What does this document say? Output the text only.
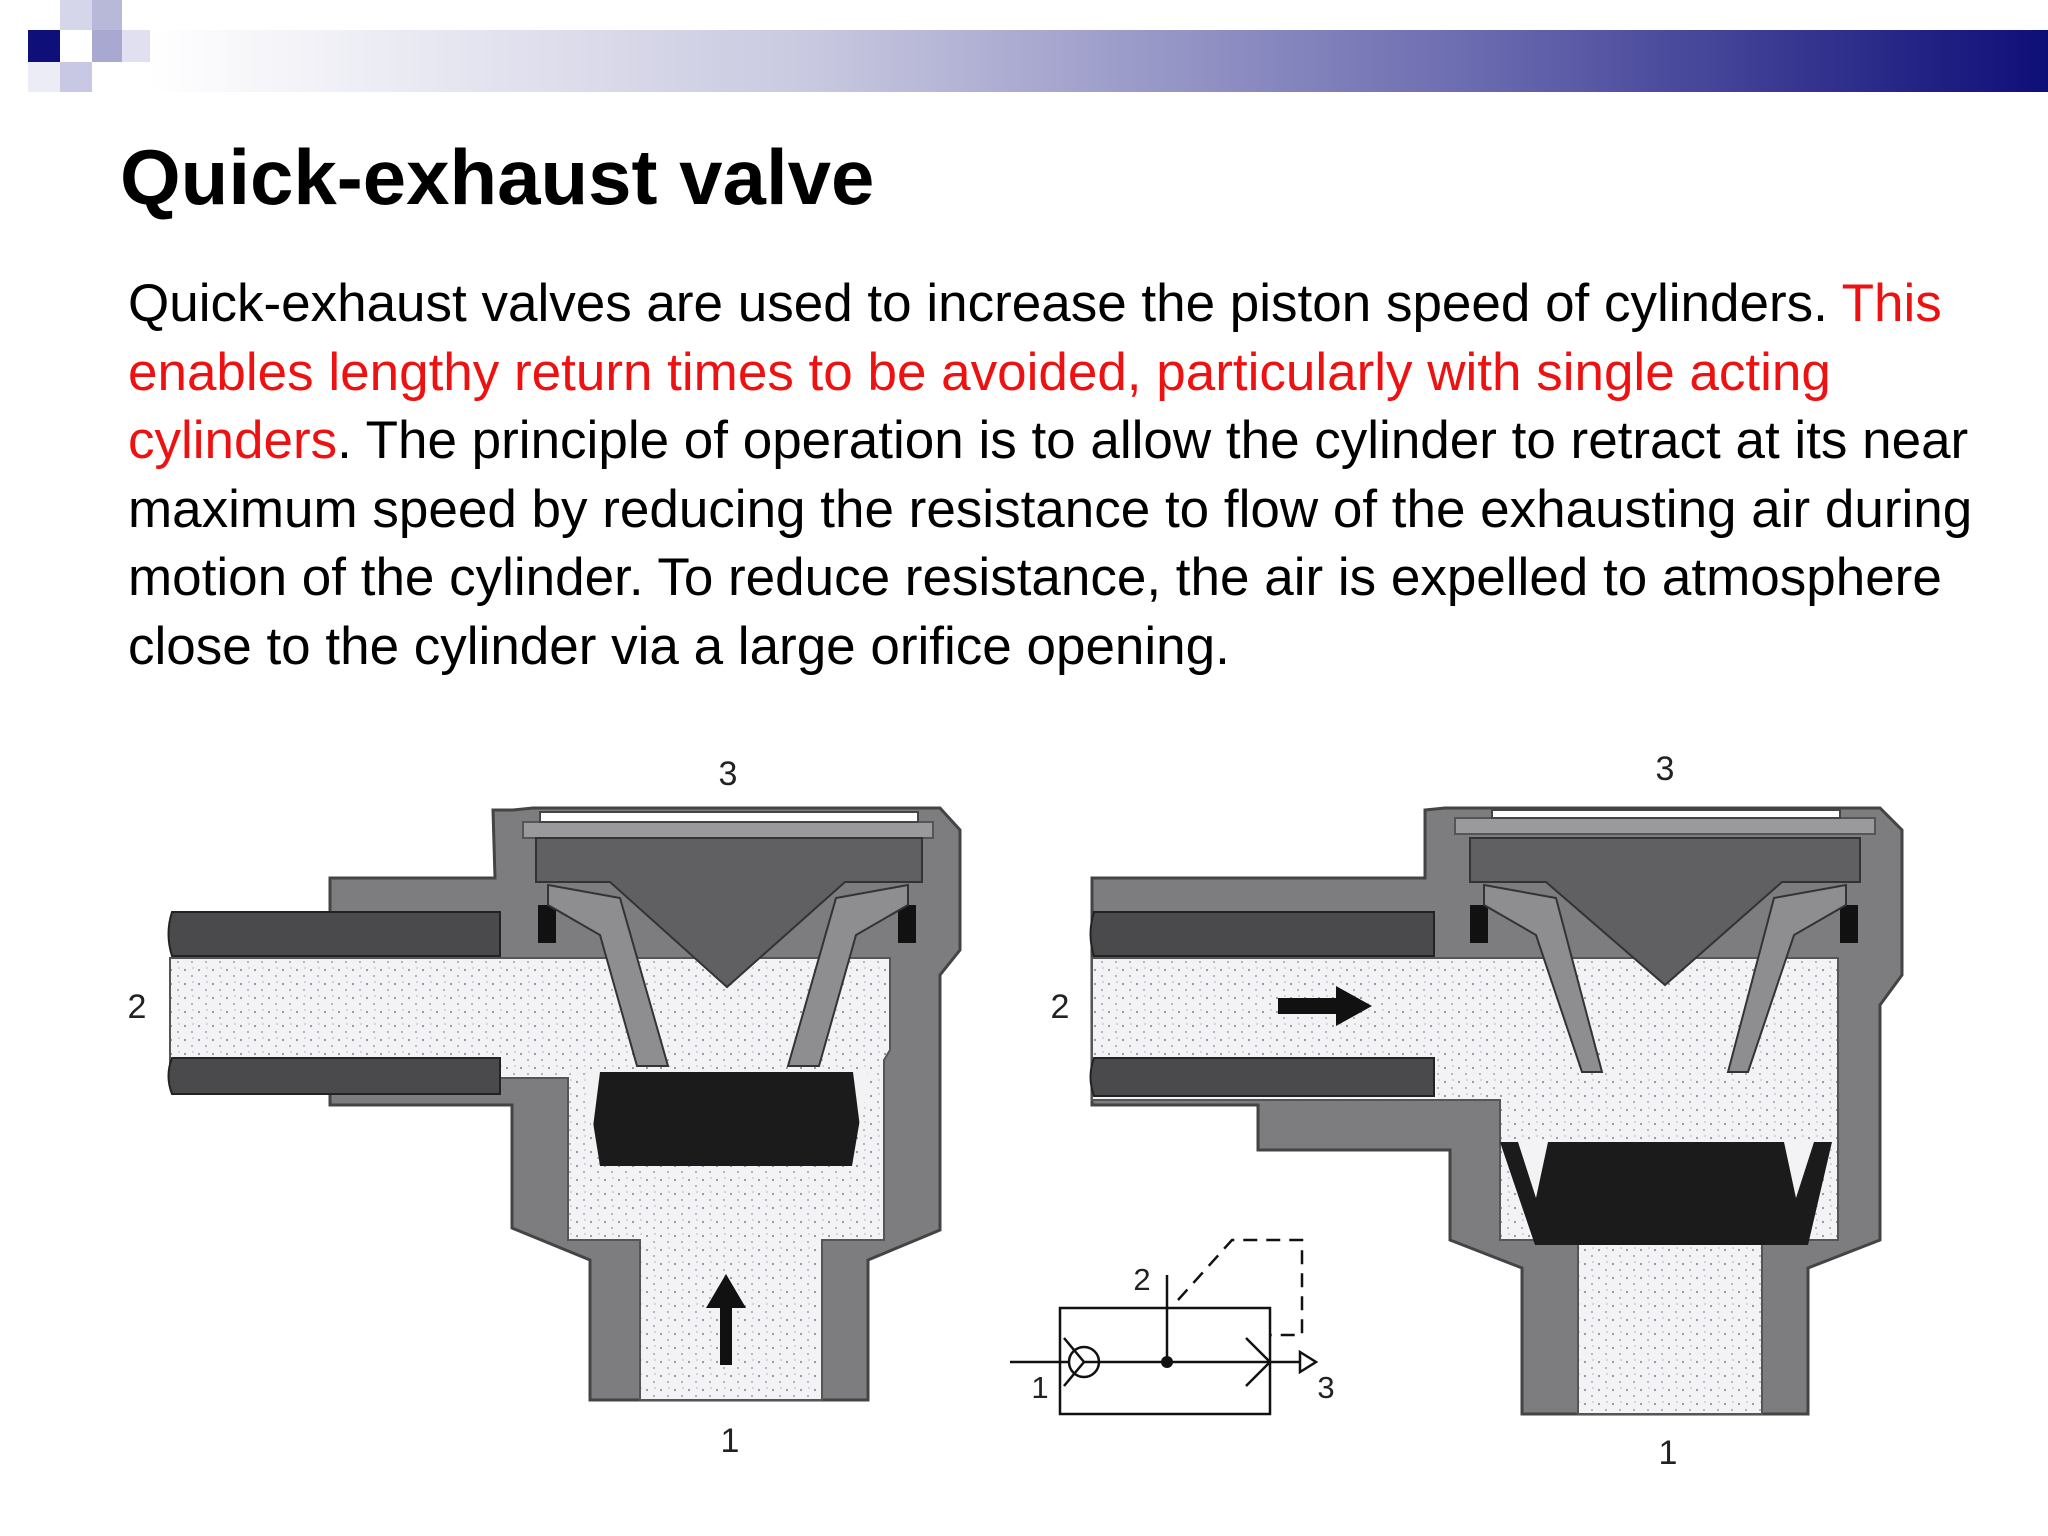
Quick-exhaust valve

Quick-exhaust valves are used to increase the piston speed of cylinders. This enables lengthy return times to be avoided, particularly with single acting cylinders. The principle of operation is to allow the cylinder to retract at its near maximum speed by reducing the resistance to flow of the exhausting air during motion of the cylinder. To reduce resistance, the air is expelled to atmosphere close to the cylinder via a large orifice opening.

3
2
1
3
2
1
1
2
3
